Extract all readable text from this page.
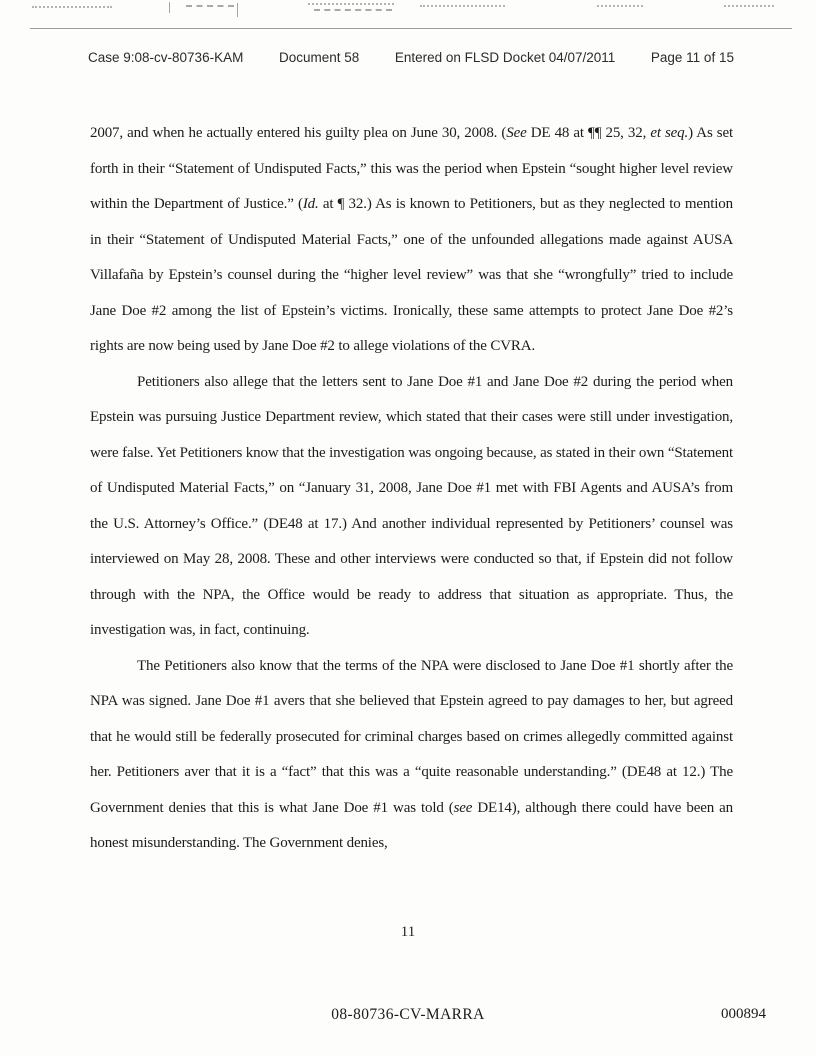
Case 9:08-cv-80736-KAM	Document 58	Entered on FLSD Docket 04/07/2011	Page 11 of 15

2007, and when he actually entered his guilty plea on June 30, 2008. (See DE 48 at ¶¶ 25, 32, et seq.) As set forth in their “Statement of Undisputed Facts,” this was the period when Epstein “sought higher level review within the Department of Justice.” (Id. at ¶ 32.) As is known to Petitioners, but as they neglected to mention in their “Statement of Undisputed Material Facts,” one of the unfounded allegations made against AUSA Villafaña by Epstein’s counsel during the “higher level review” was that she “wrongfully” tried to include Jane Doe #2 among the list of Epstein’s victims. Ironically, these same attempts to protect Jane Doe #2’s rights are now being used by Jane Doe #2 to allege violations of the CVRA.

Petitioners also allege that the letters sent to Jane Doe #1 and Jane Doe #2 during the period when Epstein was pursuing Justice Department review, which stated that their cases were still under investigation, were false. Yet Petitioners know that the investigation was ongoing because, as stated in their own “Statement of Undisputed Material Facts,” on “January 31, 2008, Jane Doe #1 met with FBI Agents and AUSA’s from the U.S. Attorney’s Office.” (DE48 at 17.) And another individual represented by Petitioners’ counsel was interviewed on May 28, 2008. These and other interviews were conducted so that, if Epstein did not follow through with the NPA, the Office would be ready to address that situation as appropriate. Thus, the investigation was, in fact, continuing.

The Petitioners also know that the terms of the NPA were disclosed to Jane Doe #1 shortly after the NPA was signed. Jane Doe #1 avers that she believed that Epstein agreed to pay damages to her, but agreed that he would still be federally prosecuted for criminal charges based on crimes allegedly committed against her. Petitioners aver that it is a “fact” that this was a “quite reasonable understanding.” (DE48 at 12.) The Government denies that this is what Jane Doe #1 was told (see DE14), although there could have been an honest misunderstanding. The Government denies,

11
08-80736-CV-MARRA	000894
